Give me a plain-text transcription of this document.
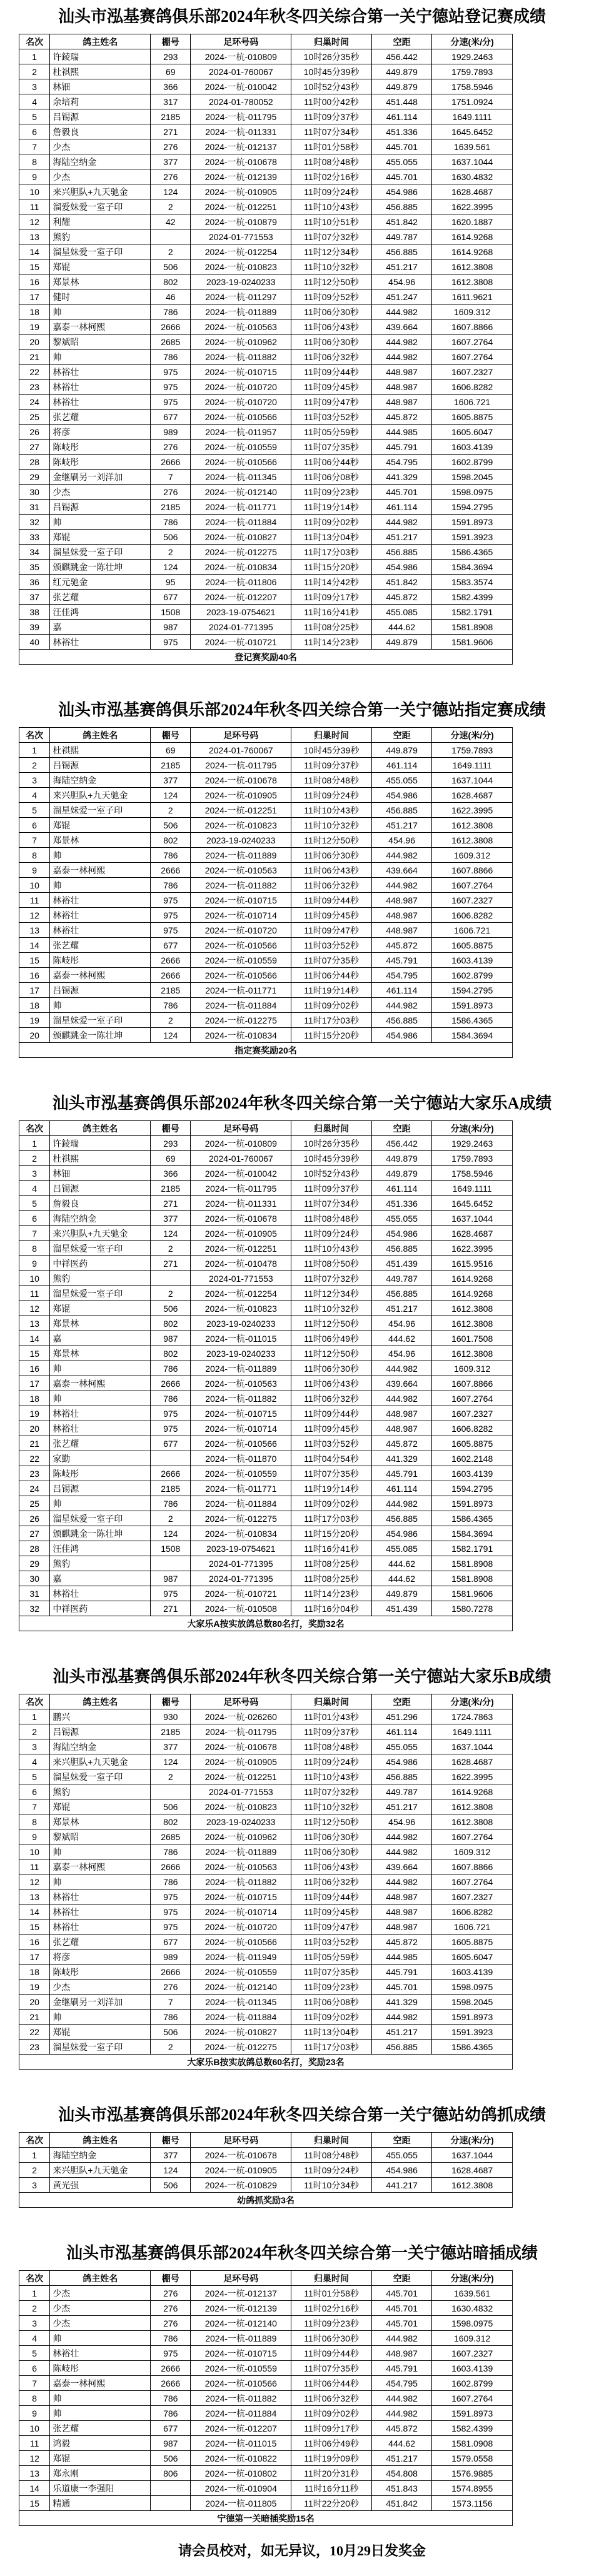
汕头市泓基赛鸽俱乐部2024年秋冬四关综合第一关宁德站登记赛成绩
名次	鸽主姓名	棚号	足环号码	归巢时间	空距	分速(米/分)
1	许錂瑞	293	2024-一杭-010809	10时26分35秒	456.442	1929.2463
2	杜祺熙	69	2024-01-760067	10时45分39秒	449.879	1759.7893
3	林钿	366	2024-一杭-010042	10时52分43秒	449.879	1758.5946
4	余培莉	317	2024-01-780052	11时00分42秒	451.448	1751.0924
5	吕锡源	2185	2024-一杭-011795	11时09分37秒	461.114	1649.1111
6	詹毅良	271	2024-一杭-011331	11时07分34秒	451.336	1645.6452
7	少杰	276	2024-一杭-012137	11时01分58秒	445.701	1639.561
8	海陆空纳金	377	2024-一杭-010678	11时08分48秒	455.055	1637.1044
9	少杰	276	2024-一杭-012139	11时02分16秒	445.701	1630.4832
10	来兴胆队+九天驰金	124	2024-一杭-010905	11时09分24秒	454.986	1628.4687
11	溜爱妹爱一室子印	2	2024-一杭-012251	11时10分43秒	456.885	1622.3995
12	利耀	42	2024-一杭-010879	11时10分51秒	451.842	1620.1887
13	熊豹		2024-01-771553	11时07分32秒	449.787	1614.9268
14	溜星妹爱一室子印	2	2024-一杭-012254	11时12分34秒	456.885	1614.9268
15	郑锟	506	2024-一杭-010823	11时10分32秒	451.217	1612.3808
16	郑景林	802	2023-19-0240233	11时12分50秒	454.96	1612.3808
17	健时	46	2024-一杭-011297	11时09分52秒	451.247	1611.9621
18	帅	786	2024-一杭-011889	11时06分30秒	444.982	1609.312
19	嘉泰一林柯熙	2666	2024-一杭-010563	11时06分43秒	439.664	1607.8866
20	黎斌昭	2685	2024-一杭-010962	11时06分30秒	444.982	1607.2764
21	帅	786	2024-一杭-011882	11时06分32秒	444.982	1607.2764
22	林裕壮	975	2024-一杭-010715	11时09分44秒	448.987	1607.2327
23	林裕壮	975	2024-一杭-010720	11时09分45秒	448.987	1606.8282
24	林裕壮	975	2024-一杭-010720	11时09分47秒	448.987	1606.721
25	张艺耀	677	2024-一杭-010566	11时03分52秒	445.872	1605.8875
26	将彦	989	2024-一杭-011957	11时05分59秒	444.985	1605.6047
27	陈岐彤	276	2024-一杭-010559	11时07分35秒	445.791	1603.4139
28	陈岐彤	2666	2024-一杭-010566	11时06分44秒	454.795	1602.8799
29	金继刷另一刘洋加	7	2024-一杭-011345	11时06分08秒	441.329	1598.2045
30	少杰	276	2024-一杭-012140	11时09分23秒	445.701	1598.0975
31	吕锡源	2185	2024-一杭-011771	11时19分14秒	461.114	1594.2795
32	帅	786	2024-一杭-011884	11时09分02秒	444.982	1591.8973
33	郑锟	506	2024-一杭-010827	11时13分04秒	451.217	1591.3923
34	溜星妹爱一室子印	2	2024-一杭-012275	11时17分03秒	456.885	1586.4365
35	颁麒跳金一陈壮坤	124	2024-一杭-010834	11时15分20秒	454.986	1584.3694
36	红元驰金	95	2024-一杭-011806	11时14分42秒	451.842	1583.3574
37	张艺耀	677	2024-一杭-012207	11时09分17秒	445.872	1582.4399
38	汪佳鸿	1508	2023-19-0754621	11时16分41秒	455.085	1582.1791
39	嘉	987	2024-01-771395	11时08分25秒	444.62	1581.8908
40	林裕壮	975	2024-一杭-010721	11时14分23秒	449.879	1581.9606
登记赛奖励40名						
汕头市泓基赛鸽俱乐部2024年秋冬四关综合第一关宁德站指定赛成绩
名次	鸽主姓名	棚号	足环号码	归巢时间	空距	分速(米/分)
1	杜祺熙	69	2024-01-760067	10时45分39秒	449.879	1759.7893
2	吕锡源	2185	2024-一杭-011795	11时09分37秒	461.114	1649.1111
3	海陆空纳金	377	2024-一杭-010678	11时08分48秒	455.055	1637.1044
4	来兴胆队+九天驰金	124	2024-一杭-010905	11时09分24秒	454.986	1628.4687
5	溜星妹爱一室子印	2	2024-一杭-012251	11时10分43秒	456.885	1622.3995
6	郑锟	506	2024-一杭-010823	11时10分32秒	451.217	1612.3808
7	郑景林	802	2023-19-0240233	11时12分50秒	454.96	1612.3808
8	帅	786	2024-一杭-011889	11时06分30秒	444.982	1609.312
9	嘉泰一林柯熙	2666	2024-一杭-010563	11时06分43秒	439.664	1607.8866
10	帅	786	2024-一杭-011882	11时06分32秒	444.982	1607.2764
11	林裕壮	975	2024-一杭-010715	11时09分44秒	448.987	1607.2327
12	林裕壮	975	2024-一杭-010714	11时09分45秒	448.987	1606.8282
13	林裕壮	975	2024-一杭-010720	11时09分47秒	448.987	1606.721
14	张艺耀	677	2024-一杭-010566	11时03分52秒	445.872	1605.8875
15	陈岐彤	2666	2024-一杭-010559	11时07分35秒	445.791	1603.4139
16	嘉泰一林柯熙	2666	2024-一杭-010566	11时06分44秒	454.795	1602.8799
17	吕锡源	2185	2024-一杭-011771	11时19分14秒	461.114	1594.2795
18	帅	786	2024-一杭-011884	11时09分02秒	444.982	1591.8973
19	溜星妹爱一室子印	2	2024-一杭-012275	11时17分03秒	456.885	1586.4365
20	颁麒跳金一陈壮坤	124	2024-一杭-010834	11时15分20秒	454.986	1584.3694
指定赛奖励20名						
汕头市泓基赛鸽俱乐部2024年秋冬四关综合第一关宁德站大家乐A成绩
名次	鸽主姓名	棚号	足环号码	归巢时间	空距	分速(米/分)
1	许錂瑞	293	2024-一杭-010809	10时26分35秒	456.442	1929.2463
2	杜祺熙	69	2024-01-760067	10时45分39秒	449.879	1759.7893
3	林钿	366	2024-一杭-010042	10时52分43秒	449.879	1758.5946
4	吕锡源	2185	2024-一杭-011795	11时09分37秒	461.114	1649.1111
5	詹毅良	271	2024-一杭-011331	11时07分34秒	451.336	1645.6452
6	海陆空纳金	377	2024-一杭-010678	11时08分48秒	455.055	1637.1044
7	来兴胆队+九天驰金	124	2024-一杭-010905	11时09分24秒	454.986	1628.4687
8	溜星妹爱一室子印	2	2024-一杭-012251	11时10分43秒	456.885	1622.3995
9	中祥医药	271	2024-一杭-010478	11时08分50秒	451.439	1615.9516
10	熊豹		2024-01-771553	11时07分32秒	449.787	1614.9268
11	溜星妹爱一室子印	2	2024-一杭-012254	11时12分34秒	456.885	1614.9268
12	郑锟	506	2024-一杭-010823	11时10分32秒	451.217	1612.3808
13	郑景林	802	2023-19-0240233	11时12分50秒	454.96	1612.3808
14	嘉	987	2024-一杭-011015	11时06分49秒	444.62	1601.7508
15	郑景林	802	2023-19-0240233	11时12分50秒	454.96	1612.3808
16	帅	786	2024-一杭-011889	11时06分30秒	444.982	1609.312
17	嘉泰一林柯熙	2666	2024-一杭-010563	11时06分43秒	439.664	1607.8866
18	帅	786	2024-一杭-011882	11时06分32秒	444.982	1607.2764
19	林裕壮	975	2024-一杭-010715	11时09分44秒	448.987	1607.2327
20	林裕壮	975	2024-一杭-010714	11时09分45秒	448.987	1606.8282
21	张艺耀	677	2024-一杭-010566	11时03分52秒	445.872	1605.8875
22	家勤		2024-一杭-011870	11时04分54秒	441.329	1602.2148
23	陈岐彤	2666	2024-一杭-010559	11时07分35秒	445.791	1603.4139
24	吕锡源	2185	2024-一杭-011771	11时19分14秒	461.114	1594.2795
25	帅	786	2024-一杭-011884	11时09分02秒	444.982	1591.8973
26	溜星妹爱一室子印	2	2024-一杭-012275	11时17分03秒	456.885	1586.4365
27	颁麒跳金一陈壮坤	124	2024-一杭-010834	11时15分20秒	454.986	1584.3694
28	汪佳鸿	1508	2023-19-0754621	11时16分41秒	455.085	1582.1791
29	熊豹		2024-01-771395	11时08分25秒	444.62	1581.8908
30	嘉	987	2024-01-771395	11时08分25秒	444.62	1581.8908
31	林裕壮	975	2024-一杭-010721	11时14分23秒	449.879	1581.9606
32	中祥医药	271	2024-一杭-010508	11时16分04秒	451.439	1580.7278
大家乐A按实放鸽总数80名打，奖励32名						
汕头市泓基赛鸽俱乐部2024年秋冬四关综合第一关宁德站大家乐B成绩
名次	鸽主姓名	棚号	足环号码	归巢时间	空距	分速(米/分)
1	鹏兴	930	2024-一杭-026260	11时01分43秒	451.296	1724.7863
2	吕锡源	2185	2024-一杭-011795	11时09分37秒	461.114	1649.1111
3	海陆空纳金	377	2024-一杭-010678	11时08分48秒	455.055	1637.1044
4	来兴胆队+九天驰金	124	2024-一杭-010905	11时09分24秒	454.986	1628.4687
5	溜星妹爱一室子印	2	2024-一杭-012251	11时10分43秒	456.885	1622.3995
6	熊豹		2024-01-771553	11时07分32秒	449.787	1614.9268
7	郑锟	506	2024-一杭-010823	11时10分32秒	451.217	1612.3808
8	郑景林	802	2023-19-0240233	11时12分50秒	454.96	1612.3808
9	黎斌昭	2685	2024-一杭-010962	11时06分30秒	444.982	1607.2764
10	帅	786	2024-一杭-011889	11时06分30秒	444.982	1609.312
11	嘉泰一林柯熙	2666	2024-一杭-010563	11时06分43秒	439.664	1607.8866
12	帅	786	2024-一杭-011882	11时06分32秒	444.982	1607.2764
13	林裕壮	975	2024-一杭-010715	11时09分44秒	448.987	1607.2327
14	林裕壮	975	2024-一杭-010714	11时09分45秒	448.987	1606.8282
15	林裕壮	975	2024-一杭-010720	11时09分47秒	448.987	1606.721
16	张艺耀	677	2024-一杭-010566	11时03分52秒	445.872	1605.8875
17	将彦	989	2024-一杭-011949	11时05分59秒	444.985	1605.6047
18	陈岐彤	2666	2024-一杭-010559	11时07分35秒	445.791	1603.4139
19	少杰	276	2024-一杭-012140	11时09分23秒	445.701	1598.0975
20	金继刷另一刘洋加	7	2024-一杭-011345	11时06分08秒	441.329	1598.2045
21	帅	786	2024-一杭-011884	11时09分02秒	444.982	1591.8973
22	郑锟	506	2024-一杭-010827	11时13分04秒	451.217	1591.3923
23	溜星妹爱一室子印	2	2024-一杭-012275	11时17分03秒	456.885	1586.4365
大家乐B按实放鸽总数60名打，奖励23名						
汕头市泓基赛鸽俱乐部2024年秋冬四关综合第一关宁德站幼鸽抓成绩
名次	鸽主姓名	棚号	足环号码	归巢时间	空距	分速(米/分)
1	海陆空纳金	377	2024-一杭-010678	11时08分48秒	455.055	1637.1044
2	来兴胆队+九天驰金	124	2024-一杭-010905	11时09分24秒	454.986	1628.4687
3	黄光强	506	2024-一杭-010829	11时10分34秒	441.217	1612.3808
幼鸽抓奖励3名						
汕头市泓基赛鸽俱乐部2024年秋冬四关综合第一关宁德站暗插成绩
名次	鸽主姓名	棚号	足环号码	归巢时间	空距	分速(米/分)
1	少杰	276	2024-一杭-012137	11时01分58秒	445.701	1639.561
2	少杰	276	2024-一杭-012139	11时02分16秒	445.701	1630.4832
3	少杰	276	2024-一杭-012140	11时09分23秒	445.701	1598.0975
4	帅	786	2024-一杭-011889	11时06分30秒	444.982	1609.312
5	林裕壮	975	2024-一杭-010715	11时09分44秒	448.987	1607.2327
6	陈岐彤	2666	2024-一杭-010559	11时07分35秒	445.791	1603.4139
7	嘉泰一林柯熙	2666	2024-一杭-010566	11时06分44秒	454.795	1602.8799
8	帅	786	2024-一杭-011882	11时06分32秒	444.982	1607.2764
9	帅	786	2024-一杭-011884	11时09分02秒	444.982	1591.8973
10	张艺耀	677	2024-一杭-012207	11时09分17秒	445.872	1582.4399
11	鸿毅	987	2024-一杭-011015	11时06分49秒	444.62	1581.0908
12	郑锟	506	2024-一杭-010822	11时19分09秒	451.217	1579.0558
13	郑永刚	806	2024-一杭-010802	11时20分31秒	454.808	1576.9885
14	乐道康一李强阳		2024-一杭-010904	11时16分11秒	451.843	1574.8955
15	精通		2024-一杭-011805	11时22分20秒	451.842	1573.1156
宁德第一关暗插奖励15名						
请会员校对，如无异议，10月29日发奖金
